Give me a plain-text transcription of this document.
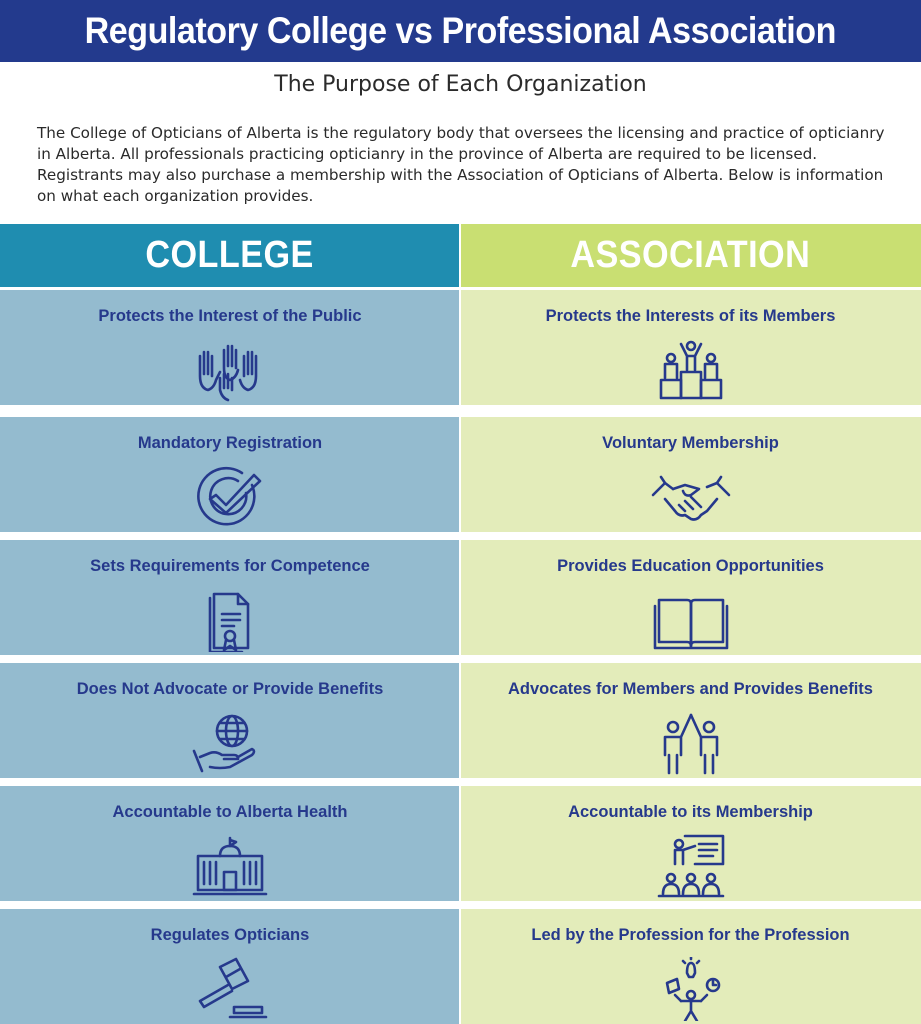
Regulatory College vs Professional Association
The Purpose of Each Organization

The College of Opticians of Alberta is the regulatory body that oversees the licensing and practice of opticianry in Alberta. All professionals practicing opticianry in the province of Alberta are required to be licensed. Registrants may also purchase a membership with the Association of Opticians of Alberta. Below is information on what each organization provides.

COLLEGE	ASSOCIATION
Protects the Interest of the Public	Protects the Interests of its Members
Mandatory Registration	Voluntary Membership
Sets Requirements for Competence	Provides Education Opportunities
Does Not Advocate or Provide Benefits	Advocates for Members and Provides Benefits
Accountable to Alberta Health	Accountable to its Membership
Regulates Opticians	Led by the Profession for the Profession
